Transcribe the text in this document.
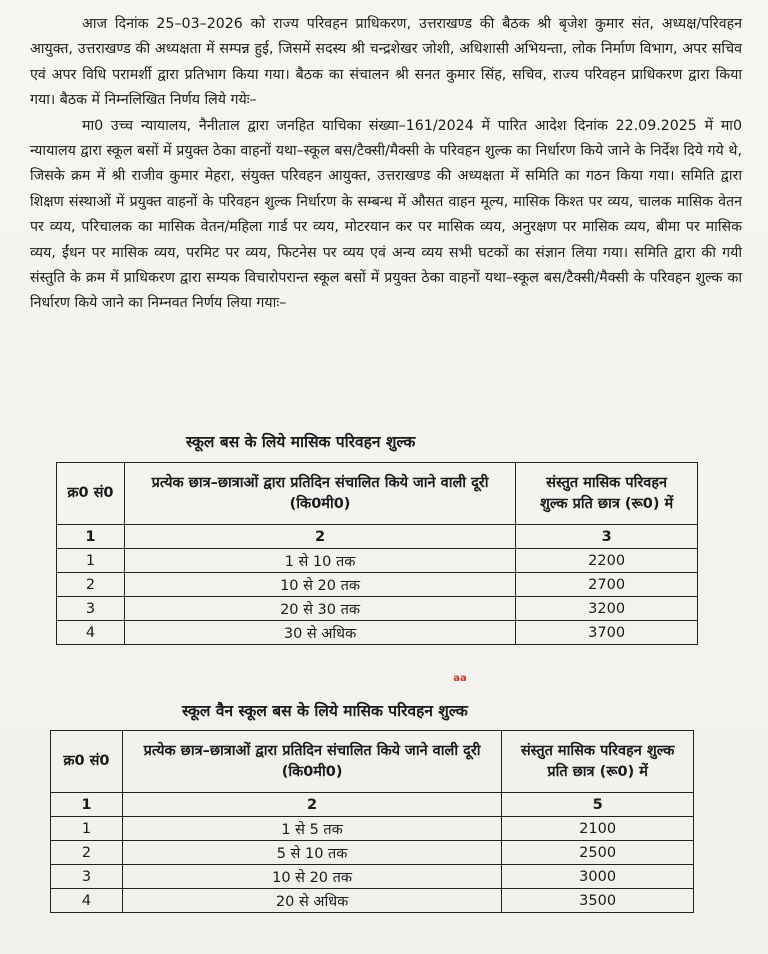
आज दिनांक 25–03–2026 को राज्य परिवहन प्राधिकरण, उत्तराखण्ड की बैठक श्री बृजेश कुमार संत, अध्यक्ष/परिवहन आयुक्त, उत्तराखण्ड की अध्यक्षता में सम्पन्न हुई, जिसमें सदस्य श्री चन्द्रशेखर जोशी, अधिशासी अभियन्ता, लोक निर्माण विभाग, अपर सचिव एवं अपर विधि परामर्शी द्वारा प्रतिभाग किया गया। बैठक का संचालन श्री सनत कुमार सिंह, सचिव, राज्य परिवहन प्राधिकरण द्वारा किया गया। बैठक में निम्नलिखित निर्णय लिये गयेः–

मा0 उच्च न्यायालय, नैनीताल द्वारा जनहित याचिका संख्या–161/2024 में पारित आदेश दिनांक 22.09.2025 में मा0 न्यायालय द्वारा स्कूल बसों में प्रयुक्त ठेका वाहनों यथा–स्कूल बस/टैक्सी/मैक्सी के परिवहन शुल्क का निर्धारण किये जाने के निर्देश दिये गये थे, जिसके क्रम में श्री राजीव कुमार मेहरा, संयुक्त परिवहन आयुक्त, उत्तराखण्ड की अध्यक्षता में समिति का गठन किया गया। समिति द्वारा शिक्षण संस्थाओं में प्रयुक्त वाहनों के परिवहन शुल्क निर्धारण के सम्बन्ध में औसत वाहन मूल्य, मासिक किश्त पर व्यय, चालक मासिक वेतन पर व्यय, परिचालक का मासिक वेतन/महिला गार्ड पर व्यय, मोटरयान कर पर मासिक व्यय, अनुरक्षण पर मासिक व्यय, बीमा पर मासिक व्यय, ईंधन पर मासिक व्यय, परमिट पर व्यय, फिटनेस पर व्यय एवं अन्य व्यय सभी घटकों का संज्ञान लिया गया। समिति द्वारा की गयी संस्तुति के क्रम में प्राधिकरण द्वारा सम्यक विचारोपरान्त स्कूल बसों में प्रयुक्त ठेका वाहनों यथा–स्कूल बस/टैक्सी/मैक्सी के परिवहन शुल्क का निर्धारण किये जाने का निम्नवत निर्णय लिया गयाः–

स्कूल बस के लिये मासिक परिवहन शुल्क
क्र0 सं0	प्रत्येक छात्र–छात्राओं द्वारा प्रतिदिन संचालित किये जाने वाली दूरी (कि0मी0)	संस्तुत मासिक परिवहन शुल्क प्रति छात्र (रू0) में
1	2	3
1	1 से 10 तक	2200
2	10 से 20 तक	2700
3	20 से 30 तक	3200
4	30 से अधिक	3700
aa
स्कूल वैन स्कूल बस के लिये मासिक परिवहन शुल्क
क्र0 सं0	प्रत्येक छात्र–छात्राओं द्वारा प्रतिदिन संचालित किये जाने वाली दूरी (कि0मी0)	संस्तुत मासिक परिवहन शुल्क प्रति छात्र (रू0) में
1	2	5
1	1 से 5 तक	2100
2	5 से 10 तक	2500
3	10 से 20 तक	3000
4	20 से अधिक	3500
